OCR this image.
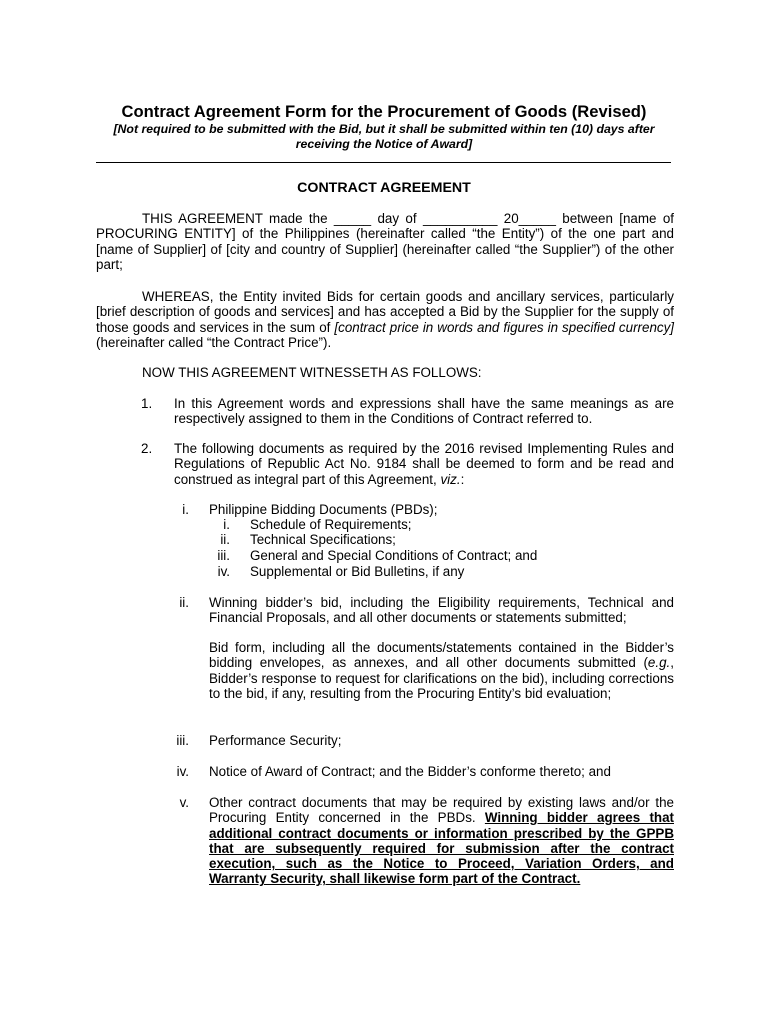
Contract Agreement Form for the Procurement of Goods (Revised)
[Not required to be submitted with the Bid, but it shall be submitted within ten (10) days after receiving the Notice of Award]
CONTRACT AGREEMENT
THIS AGREEMENT made the _____ day of __________ 20_____ between [name of PROCURING ENTITY] of the Philippines (hereinafter called “the Entity”) of the one part and [name of Supplier] of [city and country of Supplier] (hereinafter called “the Supplier”) of the other part;
WHEREAS, the Entity invited Bids for certain goods and ancillary services, particularly [brief description of goods and services] and has accepted a Bid by the Supplier for the supply of those goods and services in the sum of [contract price in words and figures in specified currency] (hereinafter called “the Contract Price”).
NOW THIS AGREEMENT WITNESSETH AS FOLLOWS:
1. In this Agreement words and expressions shall have the same meanings as are respectively assigned to them in the Conditions of Contract referred to.
2. The following documents as required by the 2016 revised Implementing Rules and Regulations of Republic Act No. 9184 shall be deemed to form and be read and construed as integral part of this Agreement, viz.:
i. Philippine Bidding Documents (PBDs);
i. Schedule of Requirements;
ii. Technical Specifications;
iii. General and Special Conditions of Contract; and
iv. Supplemental or Bid Bulletins, if any
ii. Winning bidder’s bid, including the Eligibility requirements, Technical and Financial Proposals, and all other documents or statements submitted;
Bid form, including all the documents/statements contained in the Bidder’s bidding envelopes, as annexes, and all other documents submitted (e.g., Bidder’s response to request for clarifications on the bid), including corrections to the bid, if any, resulting from the Procuring Entity’s bid evaluation;
iii. Performance Security;
iv. Notice of Award of Contract; and the Bidder’s conforme thereto; and
v. Other contract documents that may be required by existing laws and/or the Procuring Entity concerned in the PBDs. Winning bidder agrees that additional contract documents or information prescribed by the GPPB that are subsequently required for submission after the contract execution, such as the Notice to Proceed, Variation Orders, and Warranty Security, shall likewise form part of the Contract.
